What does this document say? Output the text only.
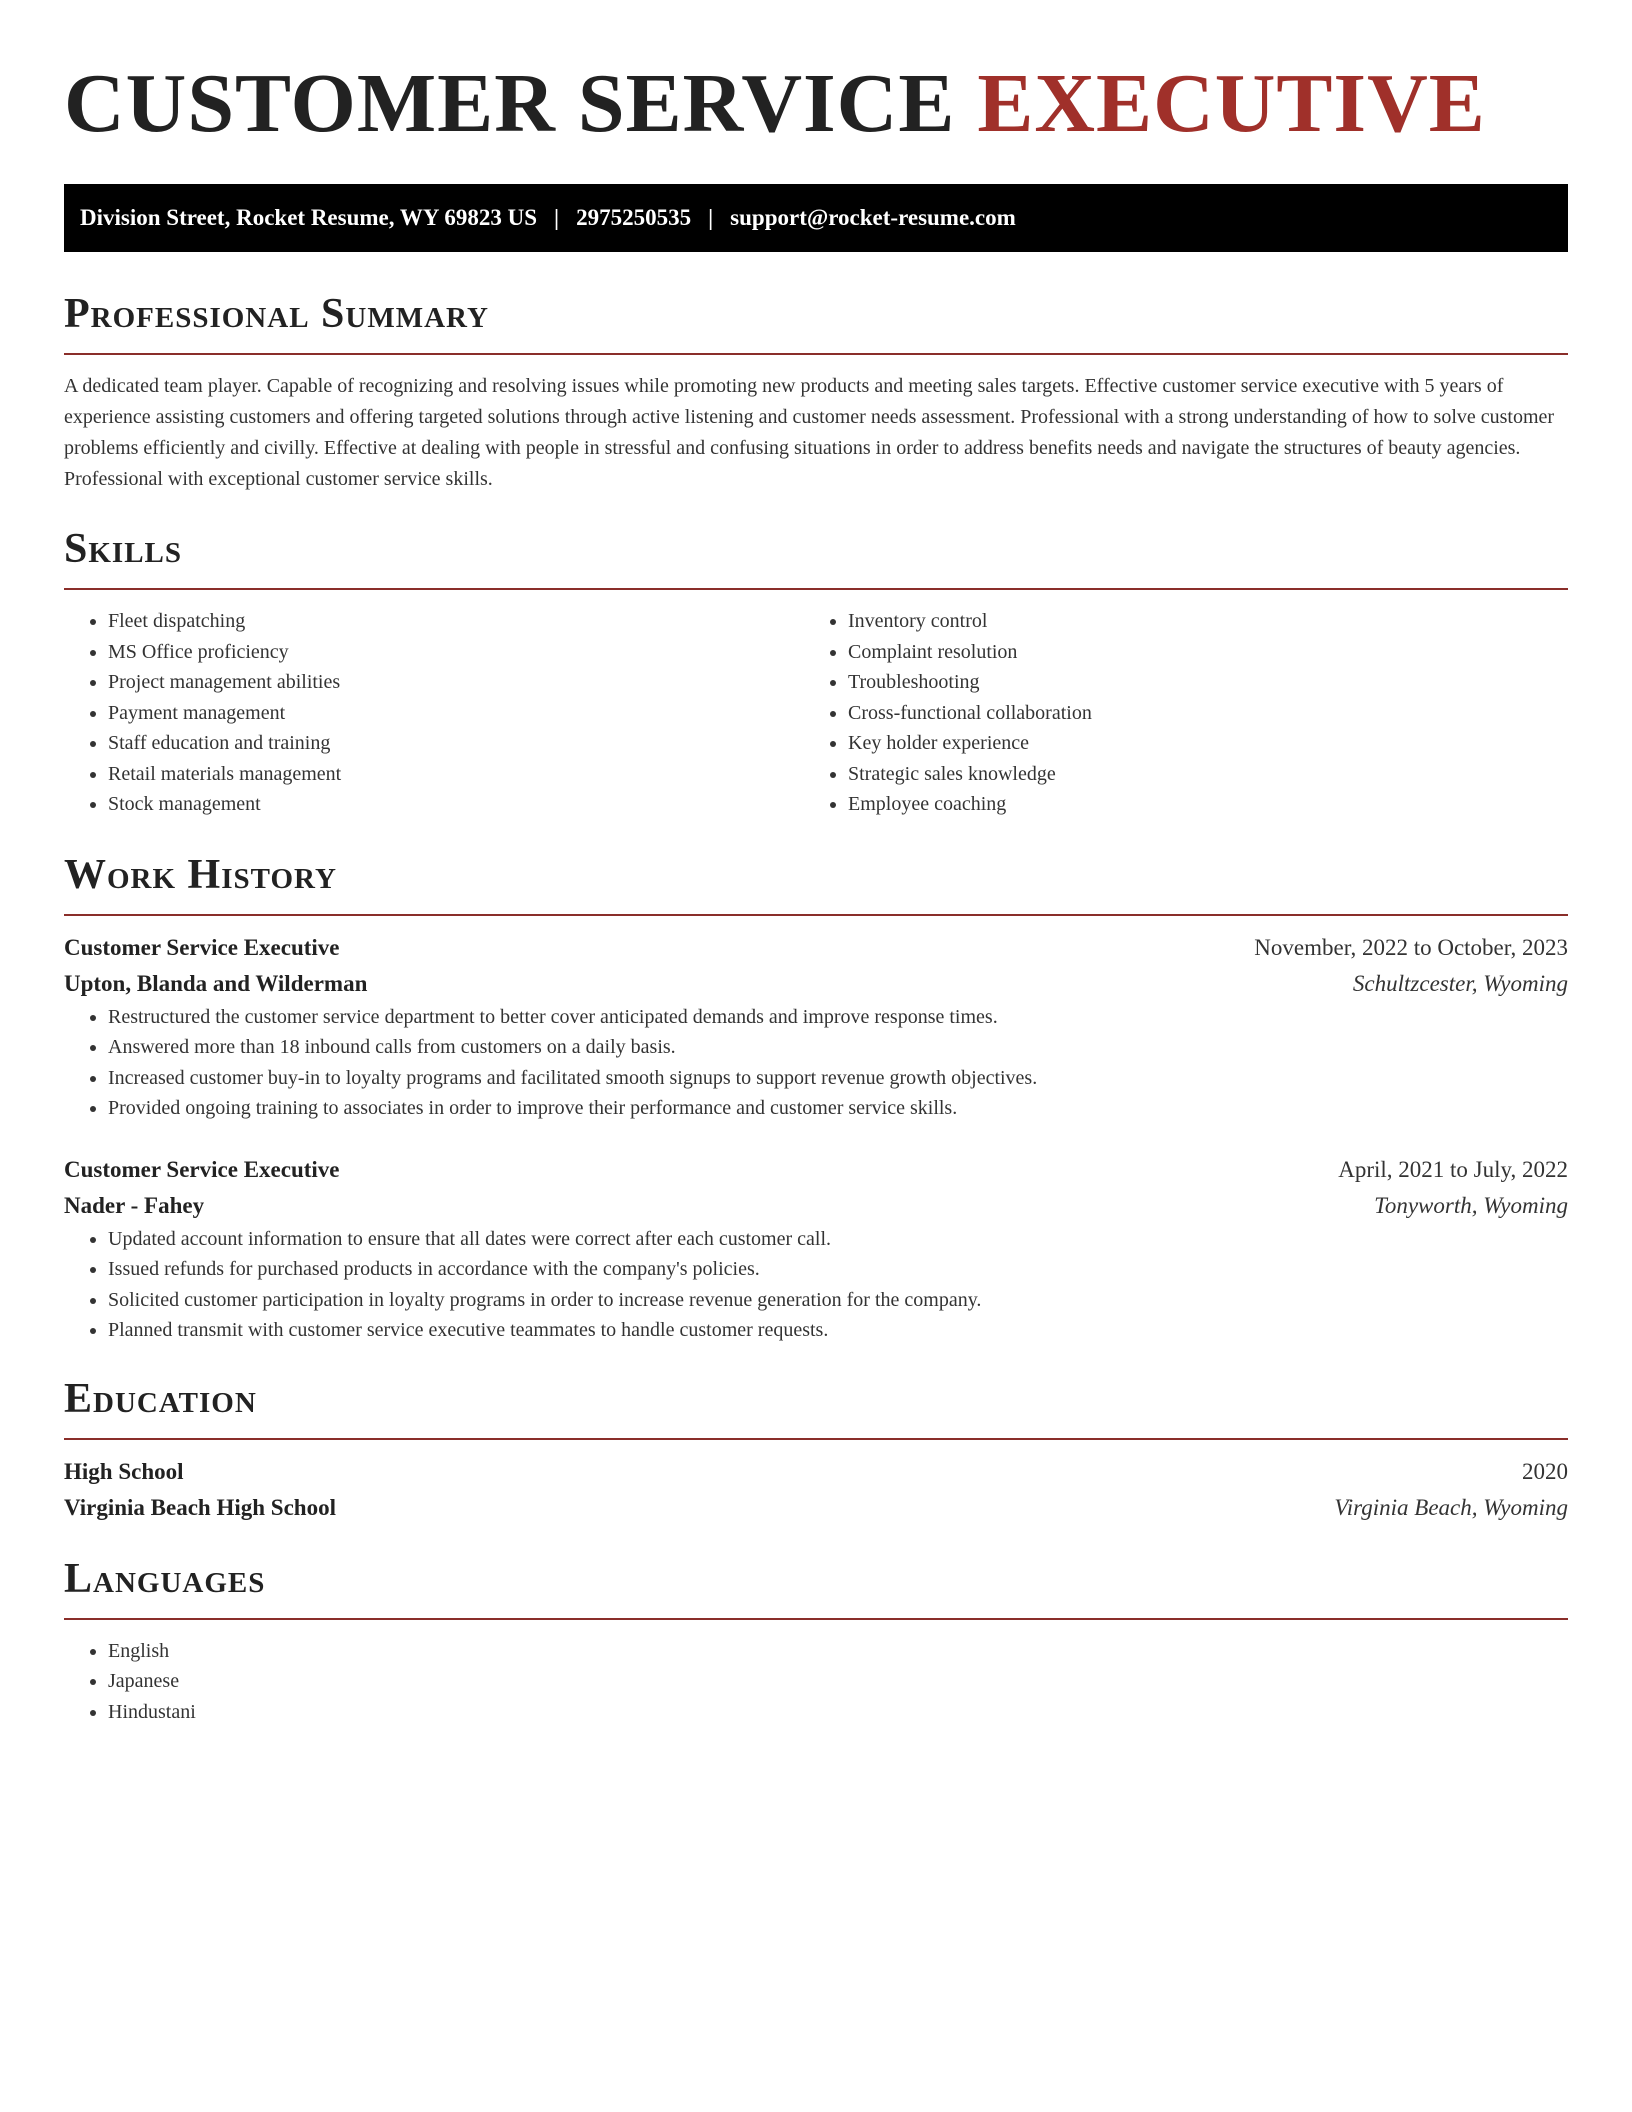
CUSTOMER SERVICE EXECUTIVE
Division Street, Rocket Resume, WY 69823 US | 2975250535 | support@rocket-resume.com
Professional Summary

A dedicated team player. Capable of recognizing and resolving issues while promoting new products and meeting sales targets. Effective customer service executive with 5 years of experience assisting customers and offering targeted solutions through active listening and customer needs assessment. Professional with a strong understanding of how to solve customer problems efficiently and civilly. Effective at dealing with people in stressful and confusing situations in order to address benefits needs and navigate the structures of beauty agencies. Professional with exceptional customer service skills.

Skills
• Fleet dispatching
• MS Office proficiency
• Project management abilities
• Payment management
• Staff education and training
• Retail materials management
• Stock management
• Inventory control
• Complaint resolution
• Troubleshooting
• Cross-functional collaboration
• Key holder experience
• Strategic sales knowledge
• Employee coaching
Work History
Customer Service Executive	November, 2022 to October, 2023
Upton, Blanda and Wilderman	Schultzcester, Wyoming
• Restructured the customer service department to better cover anticipated demands and improve response times.
• Answered more than 18 inbound calls from customers on a daily basis.
• Increased customer buy-in to loyalty programs and facilitated smooth signups to support revenue growth objectives.
• Provided ongoing training to associates in order to improve their performance and customer service skills.
Customer Service Executive	April, 2021 to July, 2022
Nader - Fahey	Tonyworth, Wyoming
• Updated account information to ensure that all dates were correct after each customer call.
• Issued refunds for purchased products in accordance with the company's policies.
• Solicited customer participation in loyalty programs in order to increase revenue generation for the company.
• Planned transmit with customer service executive teammates to handle customer requests.
Education
High School	2020
Virginia Beach High School	Virginia Beach, Wyoming
Languages
• English
• Japanese
• Hindustani
